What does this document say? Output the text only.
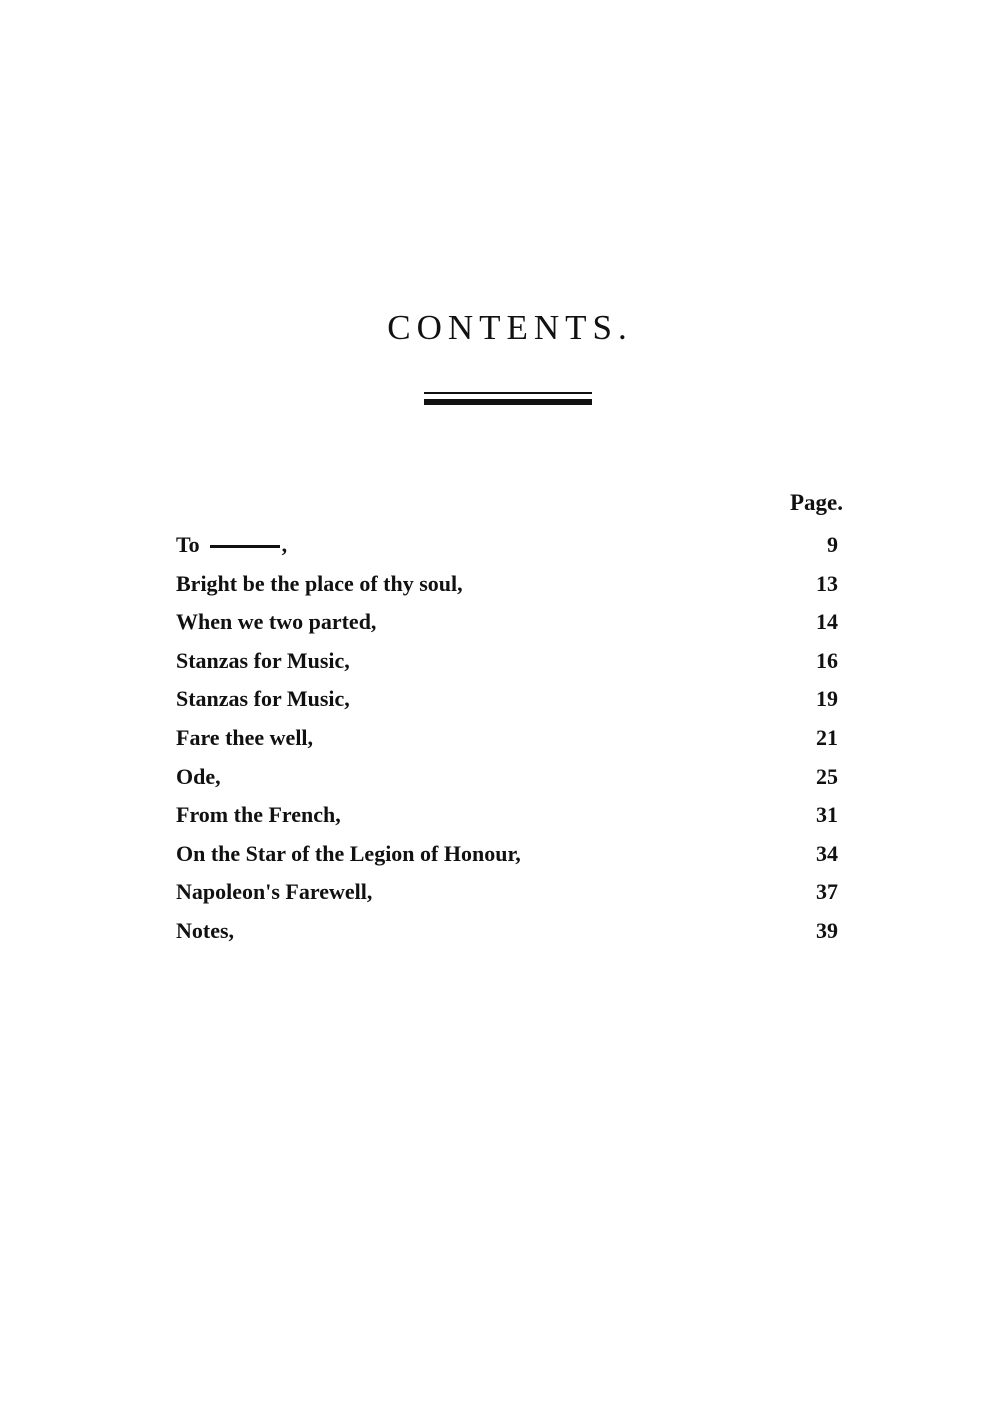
CONTENTS.
Page.
To	,	9
Bright be the place of thy soul,	13
When we two parted,	14
Stanzas for Music,	16
Stanzas for Music,	19
Fare thee well,	21
Ode,	25
From the French,	31
On the Star of the Legion of Honour,	34
Napoleon's Farewell,	37
Notes,	39
